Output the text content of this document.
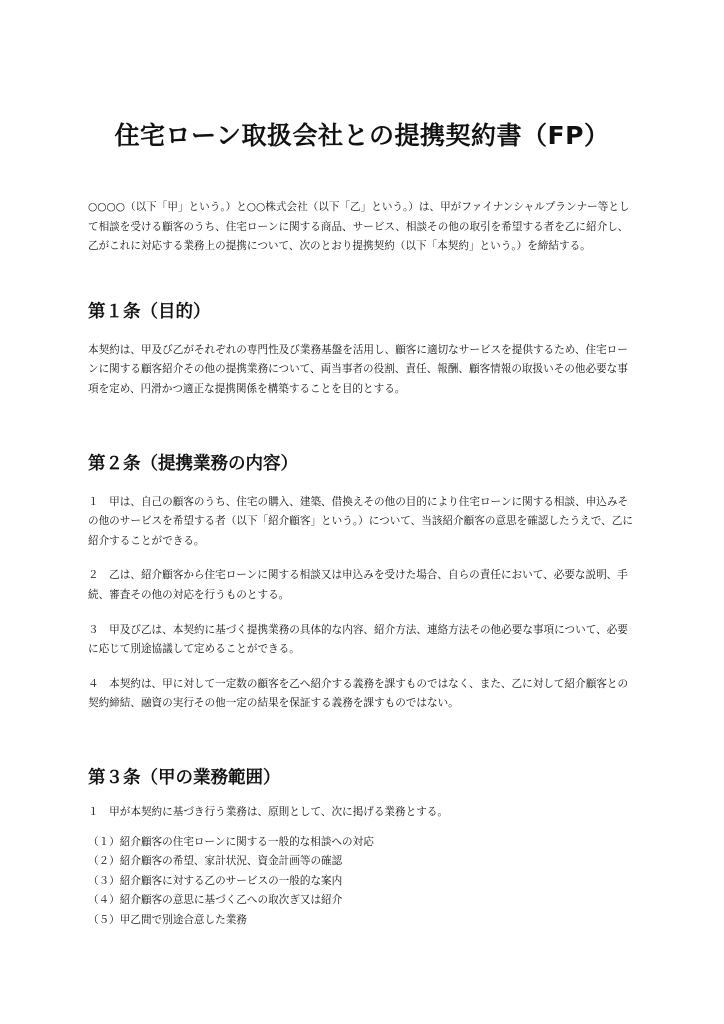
住宅ローン取扱会社との提携契約書（FP）

○○○○（以下「甲」という。）と○○株式会社（以下「乙」という。）は、甲がファイナンシャルプランナー等として相談を受ける顧客のうち、住宅ローンに関する商品、サービス、相談その他の取引を希望する者を乙に紹介し、乙がこれに対応する業務上の提携について、次のとおり提携契約（以下「本契約」という。）を締結する。

第１条（目的）

本契約は、甲及び乙がそれぞれの専門性及び業務基盤を活用し、顧客に適切なサービスを提供するため、住宅ローンに関する顧客紹介その他の提携業務について、両当事者の役割、責任、報酬、顧客情報の取扱いその他必要な事項を定め、円滑かつ適正な提携関係を構築することを目的とする。

第２条（提携業務の内容）

１　甲は、自己の顧客のうち、住宅の購入、建築、借換えその他の目的により住宅ローンに関する相談、申込みその他のサービスを希望する者（以下「紹介顧客」という。）について、当該紹介顧客の意思を確認したうえで、乙に紹介することができる。

２　乙は、紹介顧客から住宅ローンに関する相談又は申込みを受けた場合、自らの責任において、必要な説明、手続、審査その他の対応を行うものとする。

３　甲及び乙は、本契約に基づく提携業務の具体的な内容、紹介方法、連絡方法その他必要な事項について、必要に応じて別途協議して定めることができる。

４　本契約は、甲に対して一定数の顧客を乙へ紹介する義務を課すものではなく、また、乙に対して紹介顧客との契約締結、融資の実行その他一定の結果を保証する義務を課すものではない。

第３条（甲の業務範囲）

１　甲が本契約に基づき行う業務は、原則として、次に掲げる業務とする。

（１）紹介顧客の住宅ローンに関する一般的な相談への対応
（２）紹介顧客の希望、家計状況、資金計画等の確認
（３）紹介顧客に対する乙のサービスの一般的な案内
（４）紹介顧客の意思に基づく乙への取次ぎ又は紹介
（５）甲乙間で別途合意した業務
